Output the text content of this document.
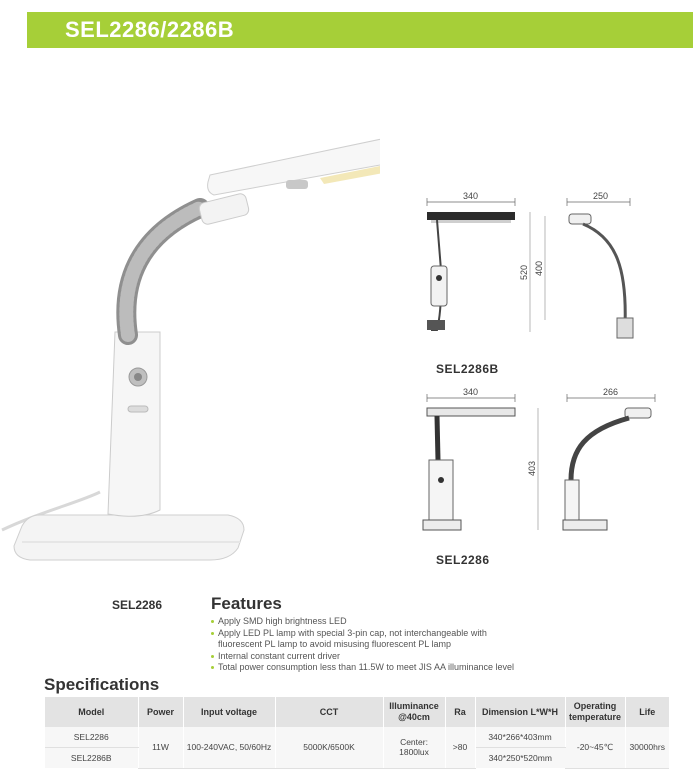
SEL2286/2286B
340
520
250
400
340
403
266
SEL2286B
SEL2286
SEL2286	Features
Apply SMD high brightness LED
Apply LED PL lamp with special 3-pin cap, not interchangeable with fluorescent PL lamp to avoid misusing fluorescent PL lamp
Internal constant current driver
Total power consumption less than 11.5W to meet JIS AA illuminance level
Specifications
Model	Power	Input voltage	CCT	Illuminance @40cm	Ra	Dimension L*W*H	Operating temperature	Life
SEL2286	11W	100-240VAC, 50/60Hz	5000K/6500K	Center: 1800lux	>80	340*266*403mm	-20~45℃	30000hrs
SEL2286B						340*250*520mm		
